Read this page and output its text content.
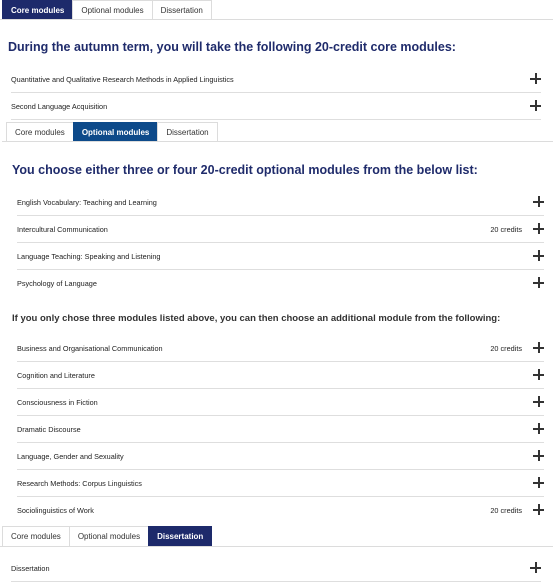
Core modules	Optional modules	Dissertation
During the autumn term, you will take the following 20-credit core modules:
Quantitative and Qualitative Research Methods in Applied Linguistics
Second Language Acquisition
Core modules	Optional modules	Dissertation
You choose either three or four 20-credit optional modules from the below list:
English Vocabulary: Teaching and Learning
Intercultural Communication	20 credits
Language Teaching: Speaking and Listening
Psychology of Language
If you only chose three modules listed above, you can then choose an additional module from the following:
Business and Organisational Communication	20 credits
Cognition and Literature
Consciousness in Fiction
Dramatic Discourse
Language, Gender and Sexuality
Research Methods: Corpus Linguistics
Sociolinguistics of Work	20 credits
Core modules	Optional modules	Dissertation
Dissertation
